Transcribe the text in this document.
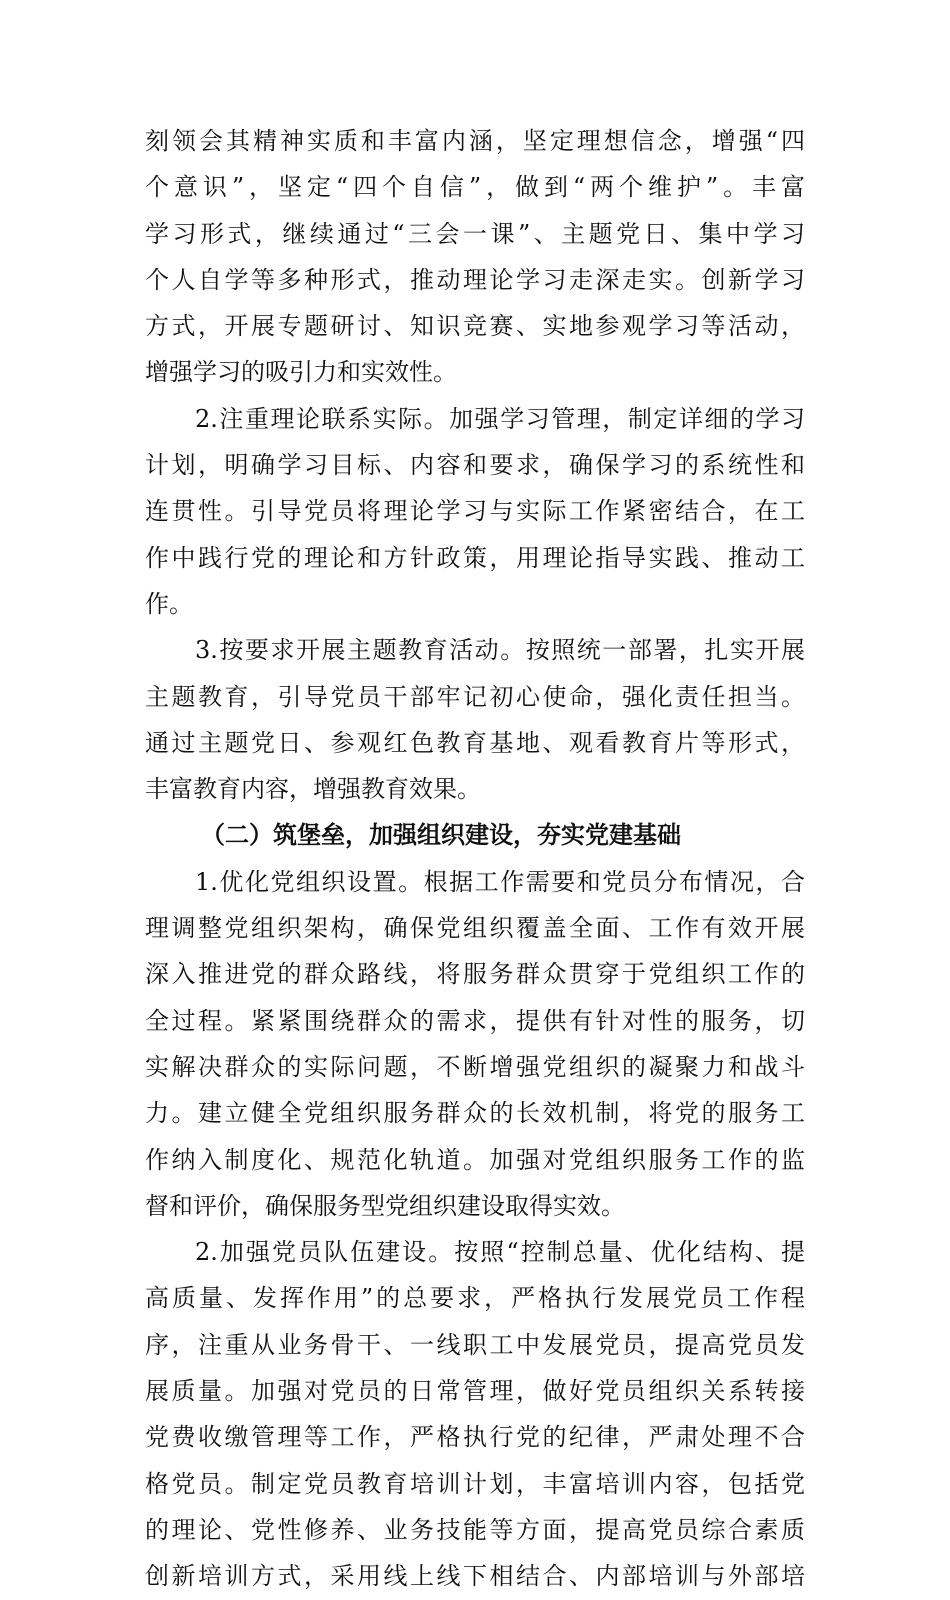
刻领会其精神实质和丰富内涵，坚定理想信念，增强“四
个意识”，坚定“四个自信”，做到“两个维护”。丰富
学习形式，继续通过“三会一课”、主题党日、集中学习
个人自学等多种形式，推动理论学习走深走实。创新学习
方式，开展专题研讨、知识竞赛、实地参观学习等活动，
增强学习的吸引力和实效性。
2.注重理论联系实际。加强学习管理，制定详细的学习
计划，明确学习目标、内容和要求，确保学习的系统性和
连贯性。引导党员将理论学习与实际工作紧密结合，在工
作中践行党的理论和方针政策，用理论指导实践、推动工
作。
3.按要求开展主题教育活动。按照统一部署，扎实开展
主题教育，引导党员干部牢记初心使命，强化责任担当。
通过主题党日、参观红色教育基地、观看教育片等形式，
丰富教育内容，增强教育效果。
（二）筑堡垒，加强组织建设，夯实党建基础
1.优化党组织设置。根据工作需要和党员分布情况，合
理调整党组织架构，确保党组织覆盖全面、工作有效开展
深入推进党的群众路线，将服务群众贯穿于党组织工作的
全过程。紧紧围绕群众的需求，提供有针对性的服务，切
实解决群众的实际问题，不断增强党组织的凝聚力和战斗
力。建立健全党组织服务群众的长效机制，将党的服务工
作纳入制度化、规范化轨道。加强对党组织服务工作的监
督和评价，确保服务型党组织建设取得实效。
2.加强党员队伍建设。按照“控制总量、优化结构、提
高质量、发挥作用”的总要求，严格执行发展党员工作程
序，注重从业务骨干、一线职工中发展党员，提高党员发
展质量。加强对党员的日常管理，做好党员组织关系转接
党费收缴管理等工作，严格执行党的纪律，严肃处理不合
格党员。制定党员教育培训计划，丰富培训内容，包括党
的理论、党性修养、业务技能等方面，提高党员综合素质
创新培训方式，采用线上线下相结合、内部培训与外部培
